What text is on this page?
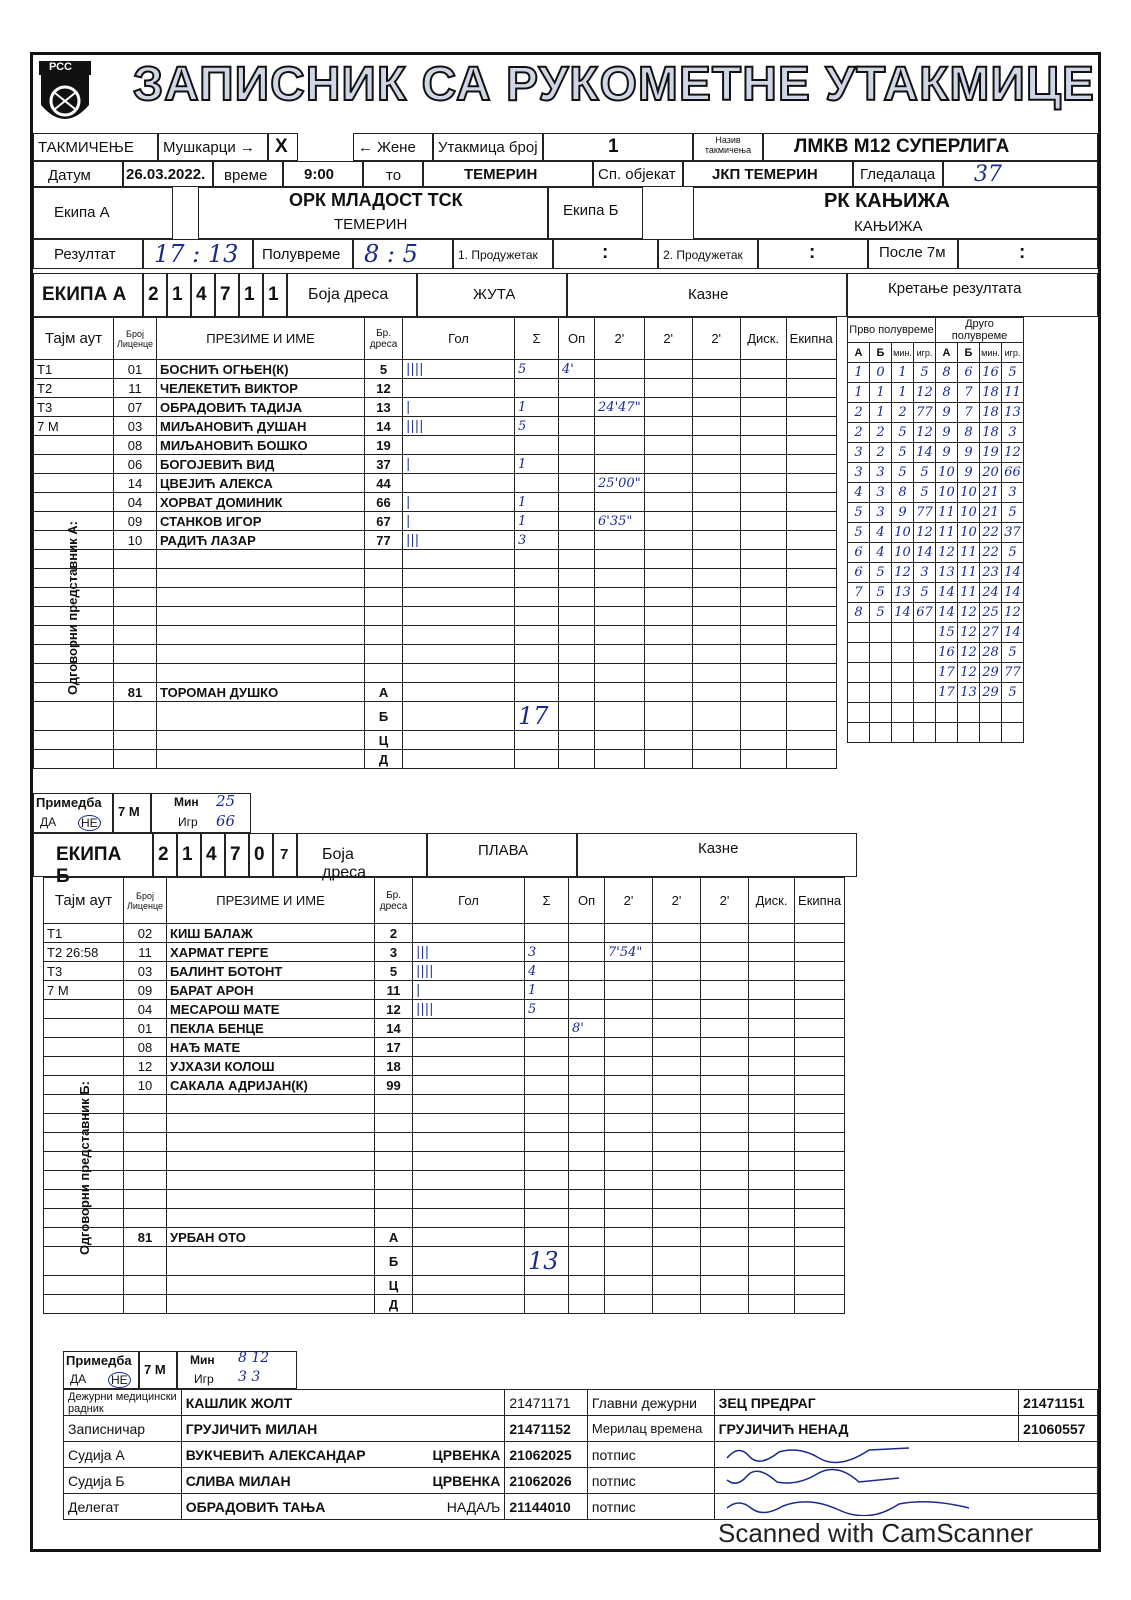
РСС ЗАПИСНИК СА РУКОМЕТНЕ УТАКМИЦЕ
ТАКМИЧЕЊЕ	Мушкарци →	X	← Жене	Утакмица број	1	Назив такмичења	ЛМКВ М12 СУПЕРЛИГА
Датум	26.03.2022.	време	9:00	то	ТЕМЕРИН	Сп. објекат	ЈКП ТЕМЕРИН	Гледалаца	37
Екипа А
ОРК МЛАДОСТ ТСК
ТЕМЕРИН
Екипа Б	РК КАЊИЖА
КАЊИЖА
Резултат	17 : 13	Полувреме 8 : 5	1. Продужетак	:	2. Продужетак	:	После 7м	:
ЕКИПА А	2 1 4 7 1 1	Боја дреса	ЖУТА	Казне	Кретање резултата
Тајм аут	Број Лиценце	ПРЕЗИМЕ И ИМЕ	Бр. дреса	Гол	Σ	Оп	2'	2'	2'	Диск.	Екипна
T1	01	БОСНИЋ ОГЊЕН(К)	5	||||	5	4'					
T2	11	ЧЕЛЕКЕТИЋ ВИКТОР	12								
T3	07	ОБРАДОВИЋ ТАДИЈА	13	|	1		24'47"				
7 М	03	МИЉАНОВИЋ ДУШАН	14	||||	5						
	08	МИЉАНОВИЋ БОШКО	19								
	06	БОГОЈЕВИЋ ВИД	37	|	1						
	14	ЦВЕЈИЋ АЛЕКСА	44				25'00"				
	04	ХОРВАТ ДОМИНИК	66	|	1						
	09	СТАНКОВ ИГОР	67	|	1		6'35"				
	10	РАДИЋ ЛАЗАР	77	|||	3						

	81	ТОРОМАН ДУШКО	А								
			Б		17						
			Ц								
			Д								
Прво полувреме				Друго полувреме			
А	Б	мин.	игр.	А	Б	мин.	игр.
1	0	1	5	8	6	16	5
1	1	1	12	8	7	18	11
2	1	2	77	9	7	18	13
2	2	5	12	9	8	18	3
3	2	5	14	9	9	19	12
3	3	5	5	10	9	20	66
4	3	8	5	10	10	21	3
5	3	9	77	11	10	21	5
5	4	10	12	11	10	22	37
6	4	10	14	12	11	22	5
6	5	12	3	13	11	23	14
7	5	13	5	14	11	24	14
8	5	14	67	14	12	25	12
				15	12	27	14
				16	12	28	5
				17	12	29	77
				17	13	29	5

Одговорни представник А:
Примедба
ДА НЕ
7 М
Мин
Игр
25
66
ЕКИПА Б
2 1 4 7 0	7	Боја дреса
ПЛАВА	Казне
Тајм аут	Број Лиценце	ПРЕЗИМЕ И ИМЕ	Бр. дреса	Гол	Σ	Оп	2'	2'	2'	Диск.	Екипна
T1	02	КИШ БАЛАЖ	2								
T2 26:58	11	ХАРМАТ ГЕРГЕ	3	|||	3		7'54"				
T3	03	БАЛИНТ БОТОНТ	5	||||	4						
7 М	09	БАРАТ АРОН	11	|	1						
	04	МЕСАРОШ МАТЕ	12	||||	5						
	01	ПЕКЛА БЕНЦЕ	14			8'					
	08	НАЂ МАТЕ	17								
	12	УЈХАЗИ КОЛОШ	18								
	10	САКАЛА АДРИЈАН(К)	99								

	81	УРБАН ОТО	А								
			Б		13						
			Ц								
			Д								
Одговорни представник Б:
Примедба
ДА НЕ
7 М
Мин
Игр
8 12
3 3
Дежурни медицински радник	КАШЛИК ЖОЛТ	21471171	Главни дежурни	ЗЕЦ ПРЕДРАГ	21471151
Записничар	ГРУЈИЧИЋ МИЛАН	21471152	Мерилац времена	ГРУЈИЧИЋ НЕНАД	21060557
Судија А	ВУКЧЕВИЋ АЛЕКСАНДАР ЦРВЕНКА	21062025	потпис	
Судија Б	СЛИВА МИЛАН ЦРВЕНКА	21062026	потпис	
Делегат	ОБРАДОВИЋ ТАЊА НАДАЉ	21144010	потпис	
Scanned with CamScanner
